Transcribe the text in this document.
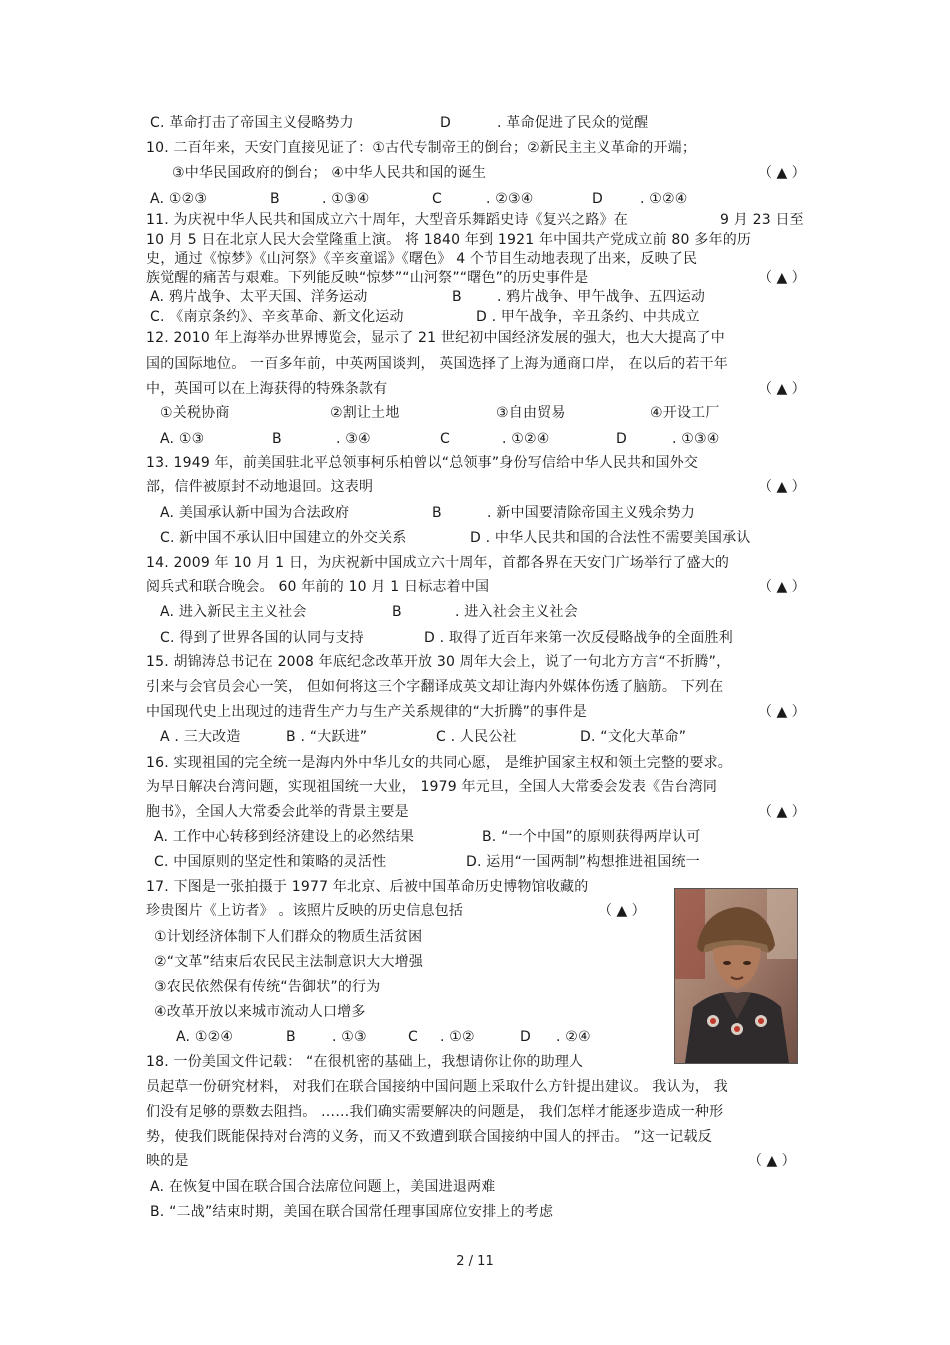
C. 革命打击了帝国主义侵略势力	D	. 革命促进了民众的觉醒
10. 二百年来，天安门直接见证了：①古代专制帝王的倒台；②新民主主义革命的开端；
③中华民国政府的倒台； ④中华人民共和国的诞生
A. ①②③	B	. ①③④	C	. ②③④	D	. ①②④
11. 为庆祝中华人民共和国成立六十周年，大型音乐舞蹈史诗《复兴之路》在	9 月 23 日至
10 月 5 日在北京人民大会堂隆重上演。 将 1840 年到 1921 年中国共产党成立前 80 多年的历
史，通过《惊梦》《山河祭》《辛亥童谣》《曙色》 4 个节目生动地表现了出来，反映了民
族觉醒的痛苦与艰难。下列能反映“惊梦”“山河祭”“曙色”的历史事件是
A. 鸦片战争、太平天国、洋务运动	B	. 鸦片战争、甲午战争、五四运动
C. 《南京条约》、辛亥革命、新文化运动	D . 甲午战争，辛丑条约、中共成立
12. 2010 年上海举办世界博览会，显示了 21 世纪初中国经济发展的强大，也大大提高了中
国的国际地位。 一百多年前，中英两国谈判， 英国选择了上海为通商口岸， 在以后的若干年
中，英国可以在上海获得的特殊条款有
①关税协商	②割让土地	③自由贸易	④开设工厂
A. ①③	B	. ③④	C	. ①②④	D	. ①③④
13. 1949 年，前美国驻北平总领事柯乐柏曾以“总领事”身份写信给中华人民共和国外交
部，信件被原封不动地退回。这表明
A. 美国承认新中国为合法政府	B	. 新中国要清除帝国主义残余势力
C. 新中国不承认旧中国建立的外交关系	D . 中华人民共和国的合法性不需要美国承认
14. 2009 年 10 月 1 日，为庆祝新中国成立六十周年，首都各界在天安门广场举行了盛大的
阅兵式和联合晚会。 60 年前的 10 月 1 日标志着中国
A. 进入新民主主义社会	B	. 进入社会主义社会
C. 得到了世界各国的认同与支持	D . 取得了近百年来第一次反侵略战争的全面胜利
15. 胡锦涛总书记在 2008 年底纪念改革开放 30 周年大会上，说了一句北方方言“不折腾”，
引来与会官员会心一笑， 但如何将这三个字翻译成英文却让海内外媒体伤透了脑筋。 下列在
中国现代史上出现过的违背生产力与生产关系规律的“大折腾”的事件是
A . 三大改造	B . “大跃进”	C . 人民公社	D. “文化大革命”
16. 实现祖国的完全统一是海内外中华儿女的共同心愿， 是维护国家主权和领土完整的要求。
为早日解决台湾问题，实现祖国统一大业， 1979 年元旦，全国人大常委会发表《告台湾同
胞书》，全国人大常委会此举的背景主要是
A. 工作中心转移到经济建设上的必然结果	B. “一个中国”的原则获得两岸认可
C. 中国原则的坚定性和策略的灵活性	D. 运用“一国两制”构想推进祖国统一
17. 下图是一张拍摄于 1977 年北京、后被中国革命历史博物馆收藏的
珍贵图片《上访者》 。该照片反映的历史信息包括
①计划经济体制下人们群众的物质生活贫困
②“文革”结束后农民民主法制意识大大增强
③农民依然保有传统“告御状”的行为
④改革开放以来城市流动人口增多
A. ①②④	B	. ①③	C . ①②	D . ②④
18. 一份美国文件记载： “在很机密的基础上，我想请你让你的助理人
员起草一份研究材料， 对我们在联合国接纳中国问题上采取什么方针提出建议。 我认为， 我
们没有足够的票数去阻挡。 ……我们确实需要解决的问题是， 我们怎样才能逐步造成一种形
势，使我们既能保持对台湾的义务，而又不致遭到联合国接纳中国人的抨击。 ”这一记载反
映的是
A. 在恢复中国在联合国合法席位问题上，美国进退两难
B. “二战”结束时期，美国在联合国常任理事国席位安排上的考虑
（ ▲ ）
（ ▲ ）
（ ▲ ）
（ ▲ ）
（ ▲ ）
（ ▲ ）
（ ▲ ）
（ ▲ ）
（ ▲ ）
2 / 11
